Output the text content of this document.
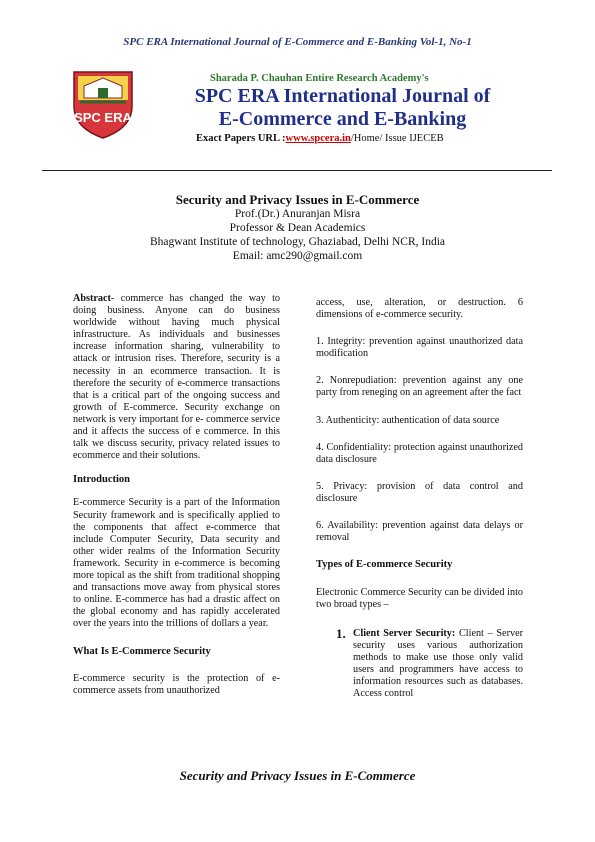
SPC ERA International Journal of E-Commerce and E-Banking Vol-1, No-1
SPC ERA
Sharada P. Chauhan Entire Research Academy's
SPC ERA International Journal of
E-Commerce and E-Banking
Exact Papers URL :www.spcera.in/Home/ Issue IJECEB
Security and Privacy Issues in E-Commerce
Prof.(Dr.) Anuranjan Misra
Professor & Dean Academics
Bhagwant Institute of technology, Ghaziabad, Delhi NCR, India
Email: amc290@gmail.com

Abstract- commerce has changed the way to doing business. Anyone can do business worldwide without having much physical infrastructure. As individuals and businesses increase information sharing, vulnerability to attack or intrusion rises. Therefore, security is a necessity in an ecommerce transaction. It is therefore the security of e-commerce transactions that is a critical part of the ongoing success and growth of E-commerce. Security exchange on network is very important for e- commerce service and it affects the success of e commerce. In this talk we discuss security, privacy related issues to ecommerce and their solutions.

Introduction

E-commerce Security is a part of the Information Security framework and is specifically applied to the components that affect e-commerce that include Computer Security, Data security and other wider realms of the Information Security framework. Security in e-commerce is becoming more topical as the shift from traditional shopping and transactions move away from physical stores to online. E-commerce has had a drastic affect on the global economy and has rapidly accelerated over the years into the trillions of dollars a year.

What Is E-Commerce Security

E-commerce security is the protection of e-commerce assets from unauthorized

access, use, alteration, or destruction. 6 dimensions of e-commerce security.

1. Integrity: prevention against unauthorized data modification
2. Nonrepudiation: prevention against any one party from reneging on an agreement after the fact
3. Authenticity: authentication of data source
4. Confidentiality: protection against unauthorized data disclosure
5. Privacy: provision of data control and disclosure
6. Availability: prevention against data delays or removal

Types of E-commerce Security

Electronic Commerce Security can be divided into two broad types –

1. Client Server Security: Client – Server security uses various authorization methods to make use those only valid users and programmers have access to information resources such as databases. Access control
Security and Privacy Issues in E-Commerce
